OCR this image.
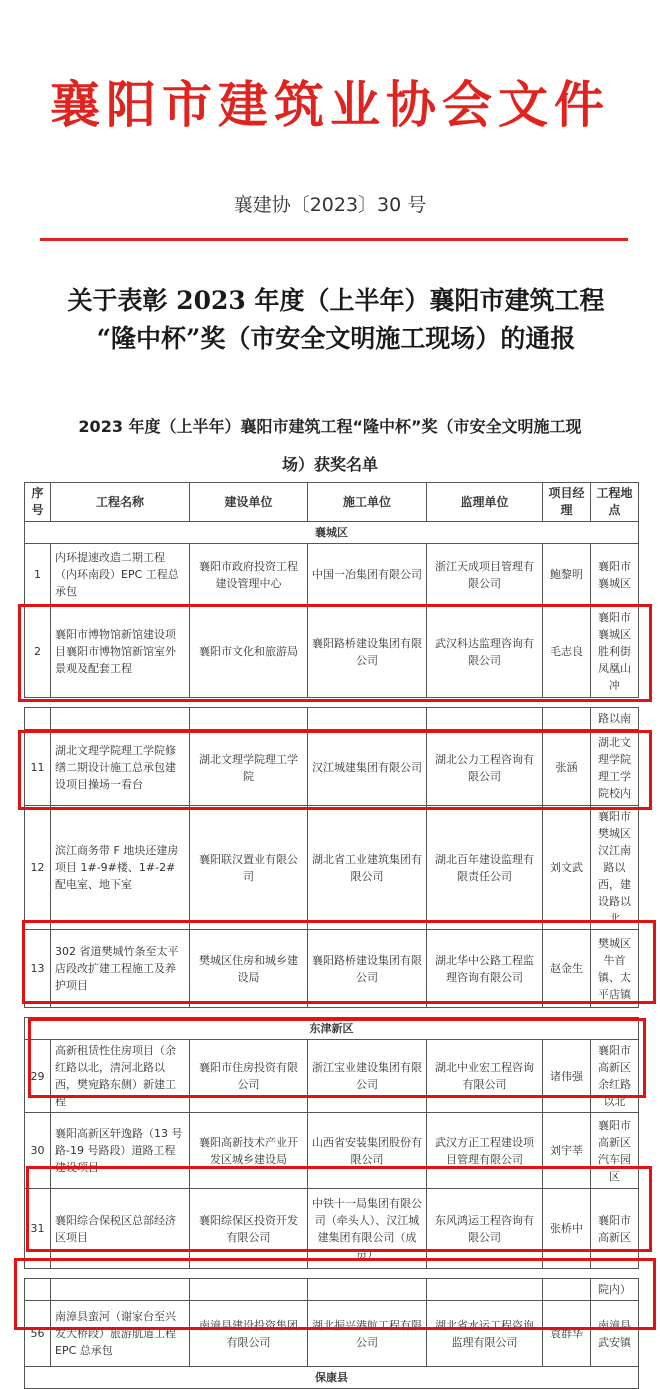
襄阳市建筑业协会文件
襄建协〔2023〕30 号
关于表彰 2023 年度（上半年）襄阳市建筑工程
“隆中杯”奖（市安全文明施工现场）的通报
2023 年度（上半年）襄阳市建筑工程“隆中杯”奖（市安全文明施工现
场）获奖名单
序号	工程名称	建设单位	施工单位	监理单位	项目经理	工程地点
襄城区						
1	内环提速改造二期工程（内环南段）EPC 工程总承包	襄阳市政府投资工程建设管理中心	中国一冶集团有限公司	浙江天成项目管理有限公司	鲍黎明	襄阳市襄城区
2	襄阳市博物馆新馆建设项目襄阳市博物馆新馆室外景观及配套工程	襄阳市文化和旅游局	襄阳路桥建设集团有限公司	武汉科达监理咨询有限公司	毛志良	襄阳市襄城区胜利街凤凰山冲

						路以南
11	湖北文理学院理工学院修缮二期设计施工总承包建设项目操场一看台	湖北文理学院理工学院	汉江城建集团有限公司	湖北公力工程咨询有限公司	张涵	湖北文理学院理工学院校内
12	滨江商务带 F 地块还建房项目 1#-9#楼、1#-2#配电室、地下室	襄阳联汉置业有限公司	湖北省工业建筑集团有限公司	湖北百年建设监理有限责任公司	刘文武	襄阳市樊城区汉江南路以西，建设路以北
13	302 省道樊城竹条至太平店段改扩建工程施工及养护项目	樊城区住房和城乡建设局	襄阳路桥建设集团有限公司	湖北华中公路工程监理咨询有限公司	赵金生	樊城区牛首镇、太平店镇

东津新区						
29	高新租赁性住房项目（余红路以北，清河北路以西，樊宛路东侧）新建工程	襄阳市住房投资有限公司	浙江宝业建设集团有限公司	湖北中业宏工程咨询有限公司	诸伟强	襄阳市高新区余红路以北
30	襄阳高新区轩逸路（13 号路-19 号路段）道路工程建设项目	襄阳高新技术产业开发区城乡建设局	山西省安装集团股份有限公司	武汉方正工程建设项目管理有限公司	刘宇莘	襄阳市高新区汽车园区
31	襄阳综合保税区总部经济区项目	襄阳综保区投资开发有限公司	中铁十一局集团有限公司（牵头人）、汉江城建集团有限公司（成员）	东风鸿运工程咨询有限公司	张桥中	襄阳市高新区

						院内）
56	南漳县蛮河（谢家台至兴发大桥段）旅游航道工程 EPC 总承包	南漳县建设投资集团有限公司	湖北振兴港航工程有限公司	湖北省水运工程咨询监理有限公司	袁群华	南漳县武安镇
保康县						
